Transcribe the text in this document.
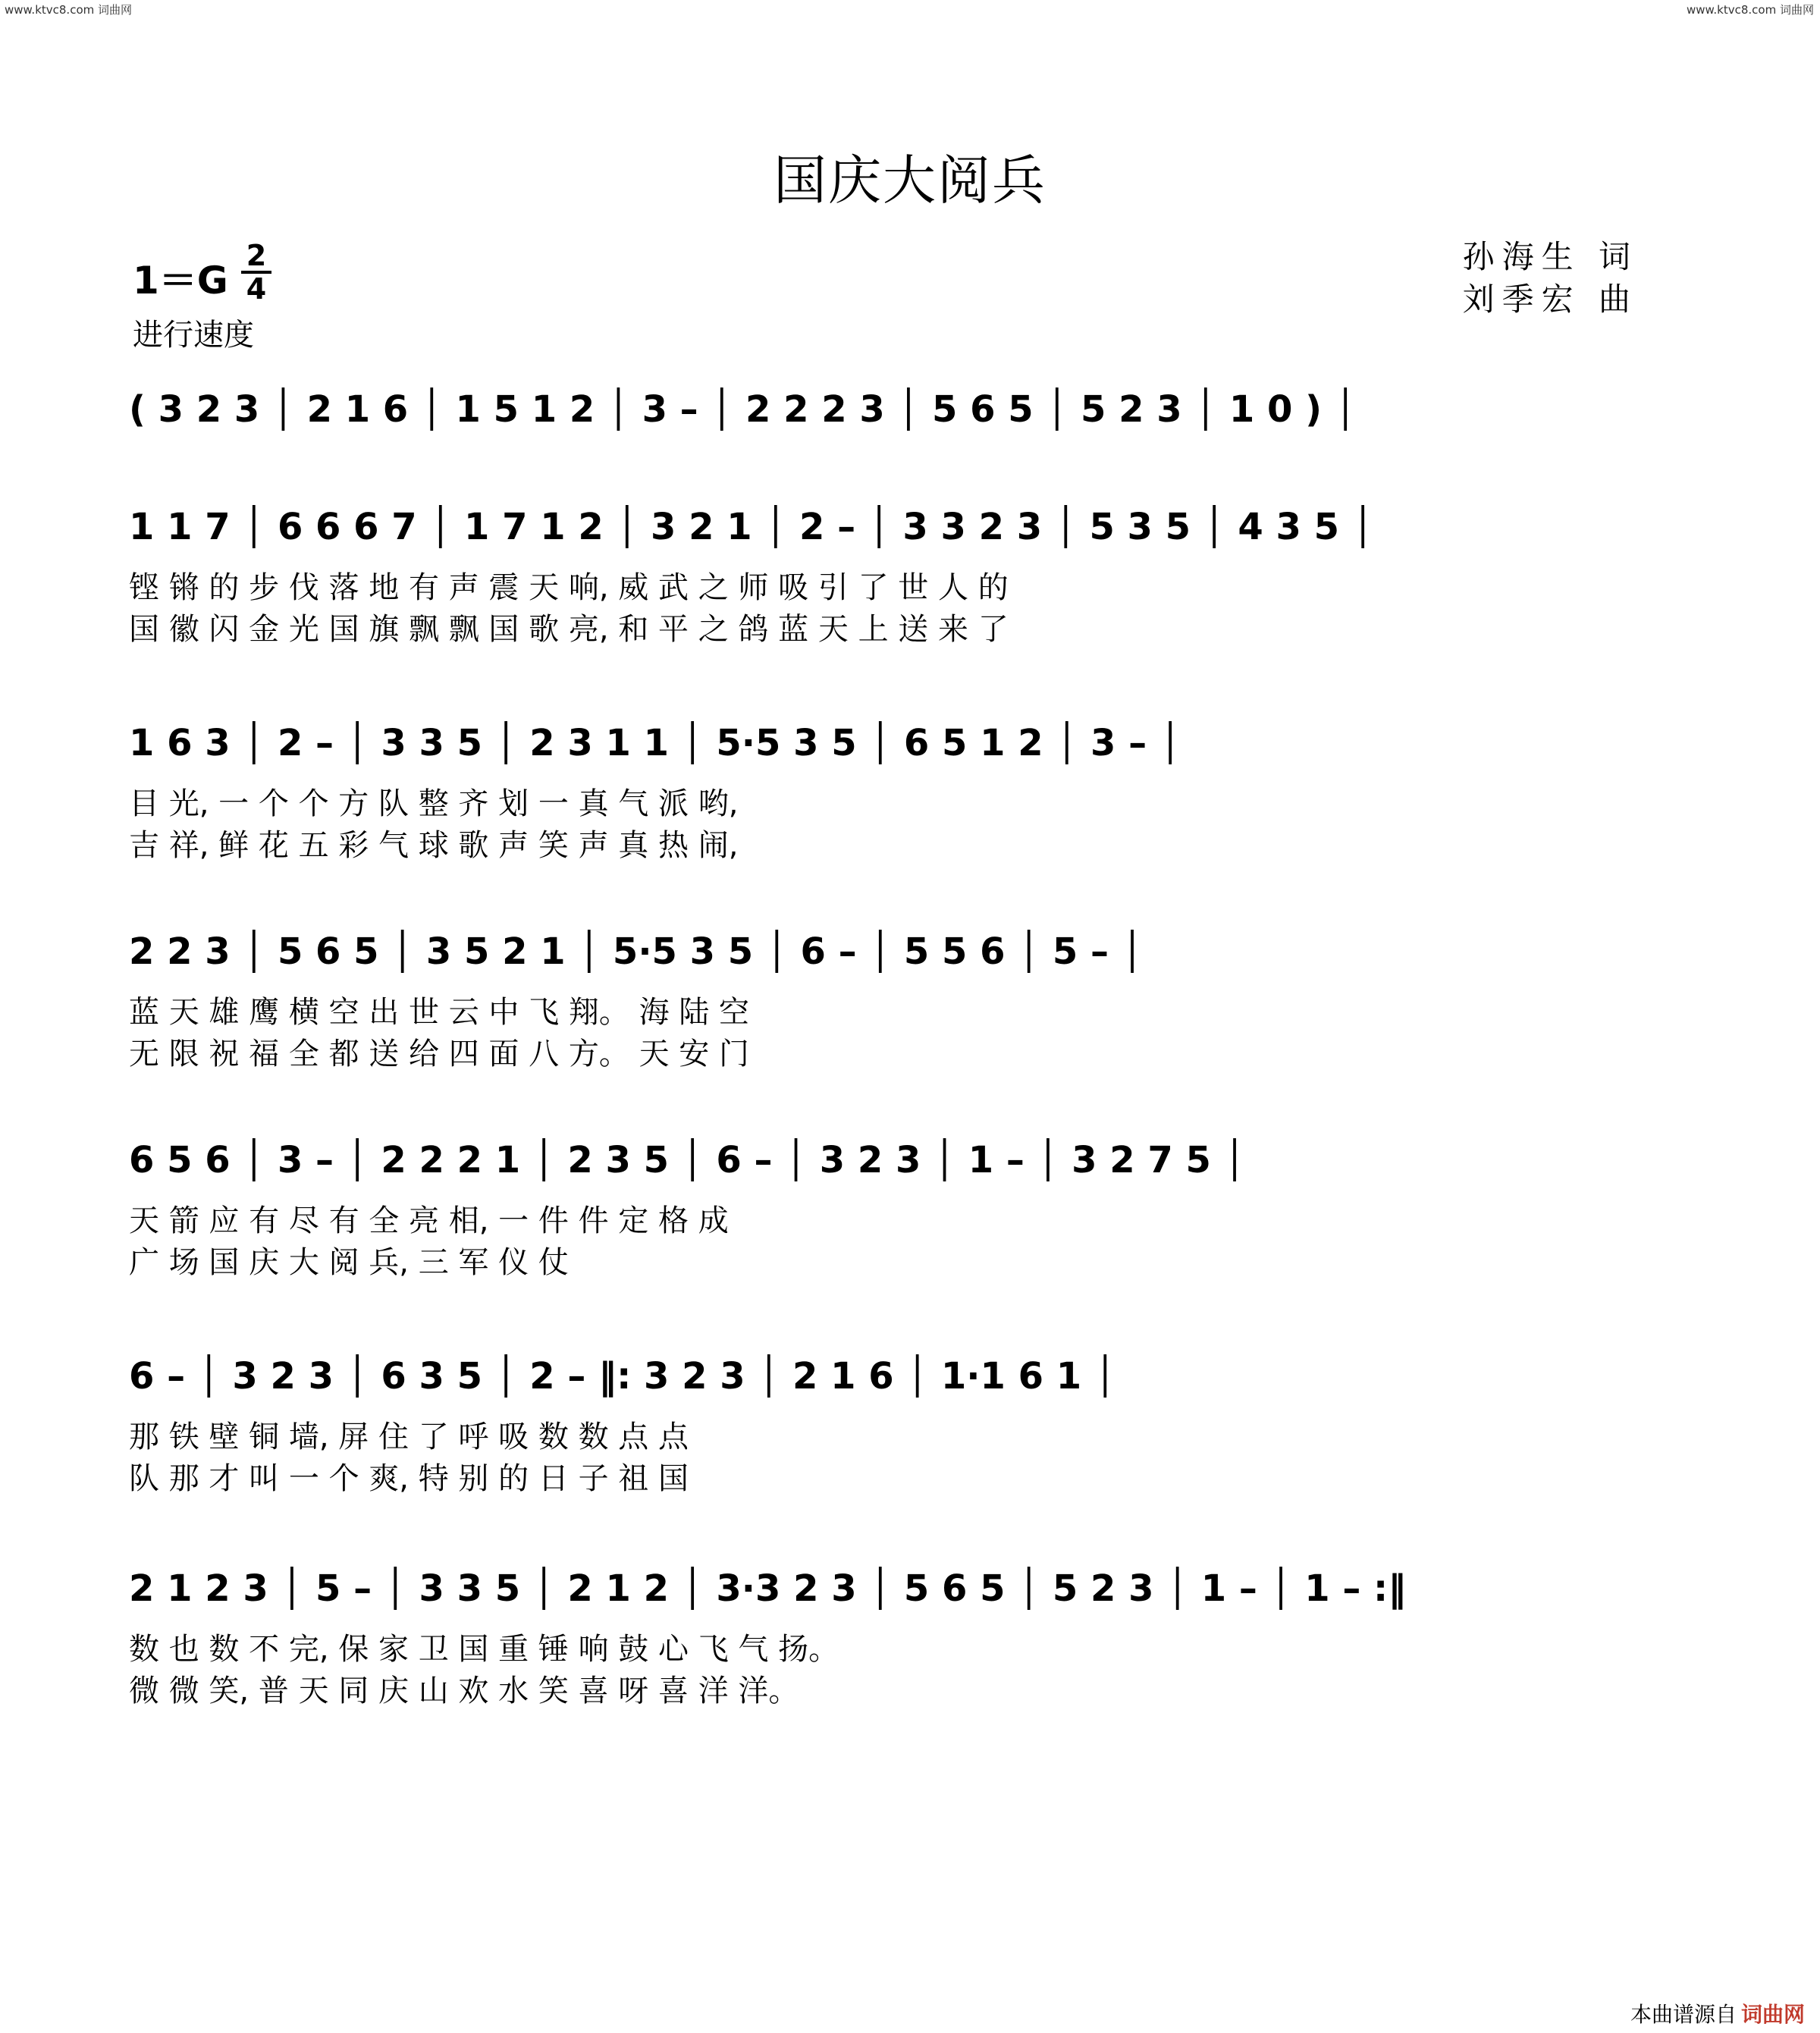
www.ktvc8.com 词曲网	www.ktvc8.com 词曲网
国庆大阅兵
1＝G
2
4
进行速度
孙海生 词
刘季宏 曲
( 3 2 3 │ 2 1 6 │ 1 5 1 2 │ 3 – │ 2 2 2 3 │ 5 6 5 │ 5 2 3 │ 1 0 ) │
1 1 7 │ 6 6 6 7 │ 1 7 1 2 │ 3 2 1 │ 2 – │ 3 3 2 3 │ 5 3 5 │ 4 3 5 │
铿 锵 的 步 伐 落 地 有 声 震 天 响, 威 武 之 师 吸 引 了 世 人 的
国 徽 闪 金 光 国 旗 飘 飘 国 歌 亮, 和 平 之 鸽 蓝 天 上 送 来 了
1 6 3 │ 2 – │ 3 3 5 │ 2 3 1 1 │ 5·5 3 5 │ 6 5 1 2 │ 3 – │
目 光, 一 个 个 方 队 整 齐 划 一 真 气 派 哟,
吉 祥, 鲜 花 五 彩 气 球 歌 声 笑 声 真 热 闹,
2 2 3 │ 5 6 5 │ 3 5 2 1 │ 5·5 3 5 │ 6 – │ 5 5 6 │ 5 – │
蓝 天 雄 鹰 横 空 出 世 云 中 飞 翔。 海 陆 空
无 限 祝 福 全 都 送 给 四 面 八 方。 天 安 门
6 5 6 │ 3 – │ 2 2 2 1 │ 2 3 5 │ 6 – │ 3 2 3 │ 1 – │ 3 2 7 5 │
天 箭 应 有 尽 有 全 亮 相, 一 件 件 定 格 成
广 场 国 庆 大 阅 兵, 三 军 仪 仗
6 – │ 3 2 3 │ 6 3 5 │ 2 – ‖: 3 2 3 │ 2 1 6 │ 1·1 6 1 │
那 铁 壁 铜 墙, 屏 住 了 呼 吸 数 数 点 点
队 那 才 叫 一 个 爽, 特 别 的 日 子 祖 国
2 1 2 3 │ 5 – │ 3 3 5 │ 2 1 2 │ 3·3 2 3 │ 5 6 5 │ 5 2 3 │ 1 – │ 1 – :‖
数 也 数 不 完, 保 家 卫 国 重 锤 响 鼓 心 飞 气 扬。
微 微 笑, 普 天 同 庆 山 欢 水 笑 喜 呀 喜 洋 洋。
本曲谱源自 词曲网
